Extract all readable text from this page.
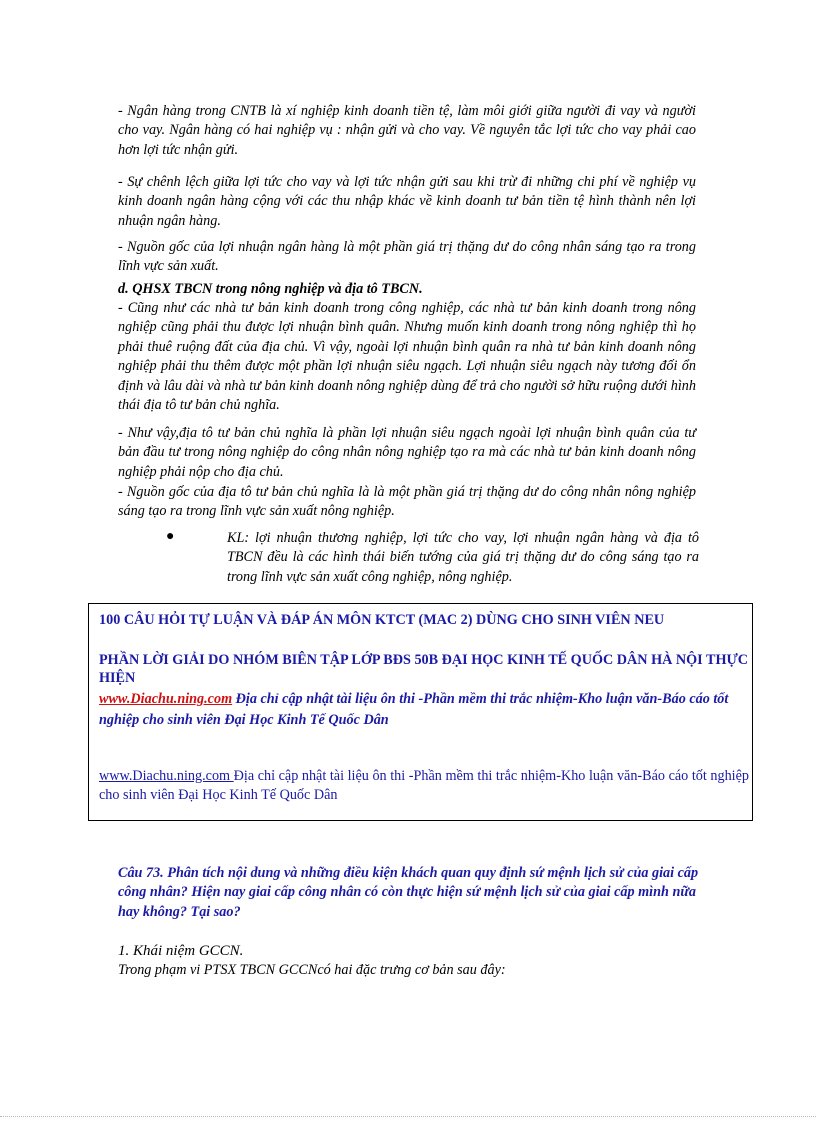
- Ngân hàng trong CNTB là xí nghiệp kinh doanh tiền tệ, làm môi giới giữa người đi vay và người cho vay. Ngân hàng có hai nghiệp vụ : nhận gửi và cho vay. Về nguyên tắc lợi tức cho vay phải cao hơn lợi tức nhận gửi.

- Sự chênh lệch giữa lợi tức cho vay và lợi tức nhận gửi sau khi trừ đi những chi phí về nghiệp vụ kinh doanh ngân hàng cộng với các thu nhập khác về kinh doanh tư bản tiền tệ hình thành nên lợi nhuận ngân hàng.

- Nguồn gốc của lợi nhuận ngân hàng là một phần giá trị thặng dư do công nhân sáng tạo ra trong lĩnh vực sản xuất.

d. QHSX TBCN trong nông nghiệp và địa tô TBCN.

- Cũng như các nhà tư bản kinh doanh trong công nghiệp, các nhà tư bản kinh doanh trong nông nghiệp cũng phải thu được lợi nhuận bình quân. Nhưng muốn kinh doanh trong nông nghiệp thì họ phải thuê ruộng đất của địa chủ. Vì vậy, ngoài lợi nhuận bình quân ra nhà tư bản kinh doanh nông nghiệp phải thu thêm được một phần lợi nhuận siêu ngạch. Lợi nhuận siêu ngạch này tương đối ổn định và lâu dài và nhà tư bản kinh doanh nông nghiệp dùng để trả cho người sở hữu ruộng dưới hình thái địa tô tư bản chủ nghĩa.

- Như vậy,địa tô tư bản chủ nghĩa là phần lợi nhuận siêu ngạch ngoài lợi nhuận bình quân của tư bản đầu tư trong nông nghiệp do công nhân nông nghiệp tạo ra mà các nhà tư bản kinh doanh nông nghiệp phải nộp cho địa chủ.

- Nguồn gốc của địa tô tư bản chủ nghĩa là là một phần giá trị thặng dư do công nhân nông nghiệp sáng tạo ra trong lĩnh vực sản xuất nông nghiệp.

●	KL: lợi nhuận thương nghiệp, lợi tức cho vay, lợi nhuận ngân hàng và địa tô TBCN đều là các hình thái biến tướng của giá trị thặng dư do công sáng tạo ra trong lĩnh vực sản xuất công nghiệp, nông nghiệp.

100 CÂU HỎI TỰ LUẬN VÀ ĐÁP ÁN MÔN KTCT (MAC 2) DÙNG CHO SINH VIÊN NEU

PHẦN LỜI GIẢI DO NHÓM BIÊN TẬP LỚP BĐS 50B ĐẠI HỌC KINH TẾ QUỐC DÂN HÀ NỘI THỰC HIỆN

www.Diachu.ning.com Địa chỉ cập nhật tài liệu ôn thi -Phần mềm thi trắc nhiệm-Kho luận văn-Báo cáo tốt nghiệp cho sinh viên Đại Học Kinh Tế Quốc Dân

www.Diachu.ning.com Địa chỉ cập nhật tài liệu ôn thi -Phần mềm thi trắc nhiệm-Kho luận văn-Báo cáo tốt nghiệp cho sinh viên Đại Học Kinh Tế Quốc Dân

Câu 73. Phân tích nội dung và những điều kiện khách quan quy định sứ mệnh lịch sử của giai cấp công nhân? Hiện nay giai cấp công nhân có còn thực hiện sứ mệnh lịch sử của giai cấp mình nữa hay không? Tại sao?

1. Khái niệm GCCN.

Trong phạm vi PTSX TBCN GCCNcó hai đặc trưng cơ bản sau đây:
